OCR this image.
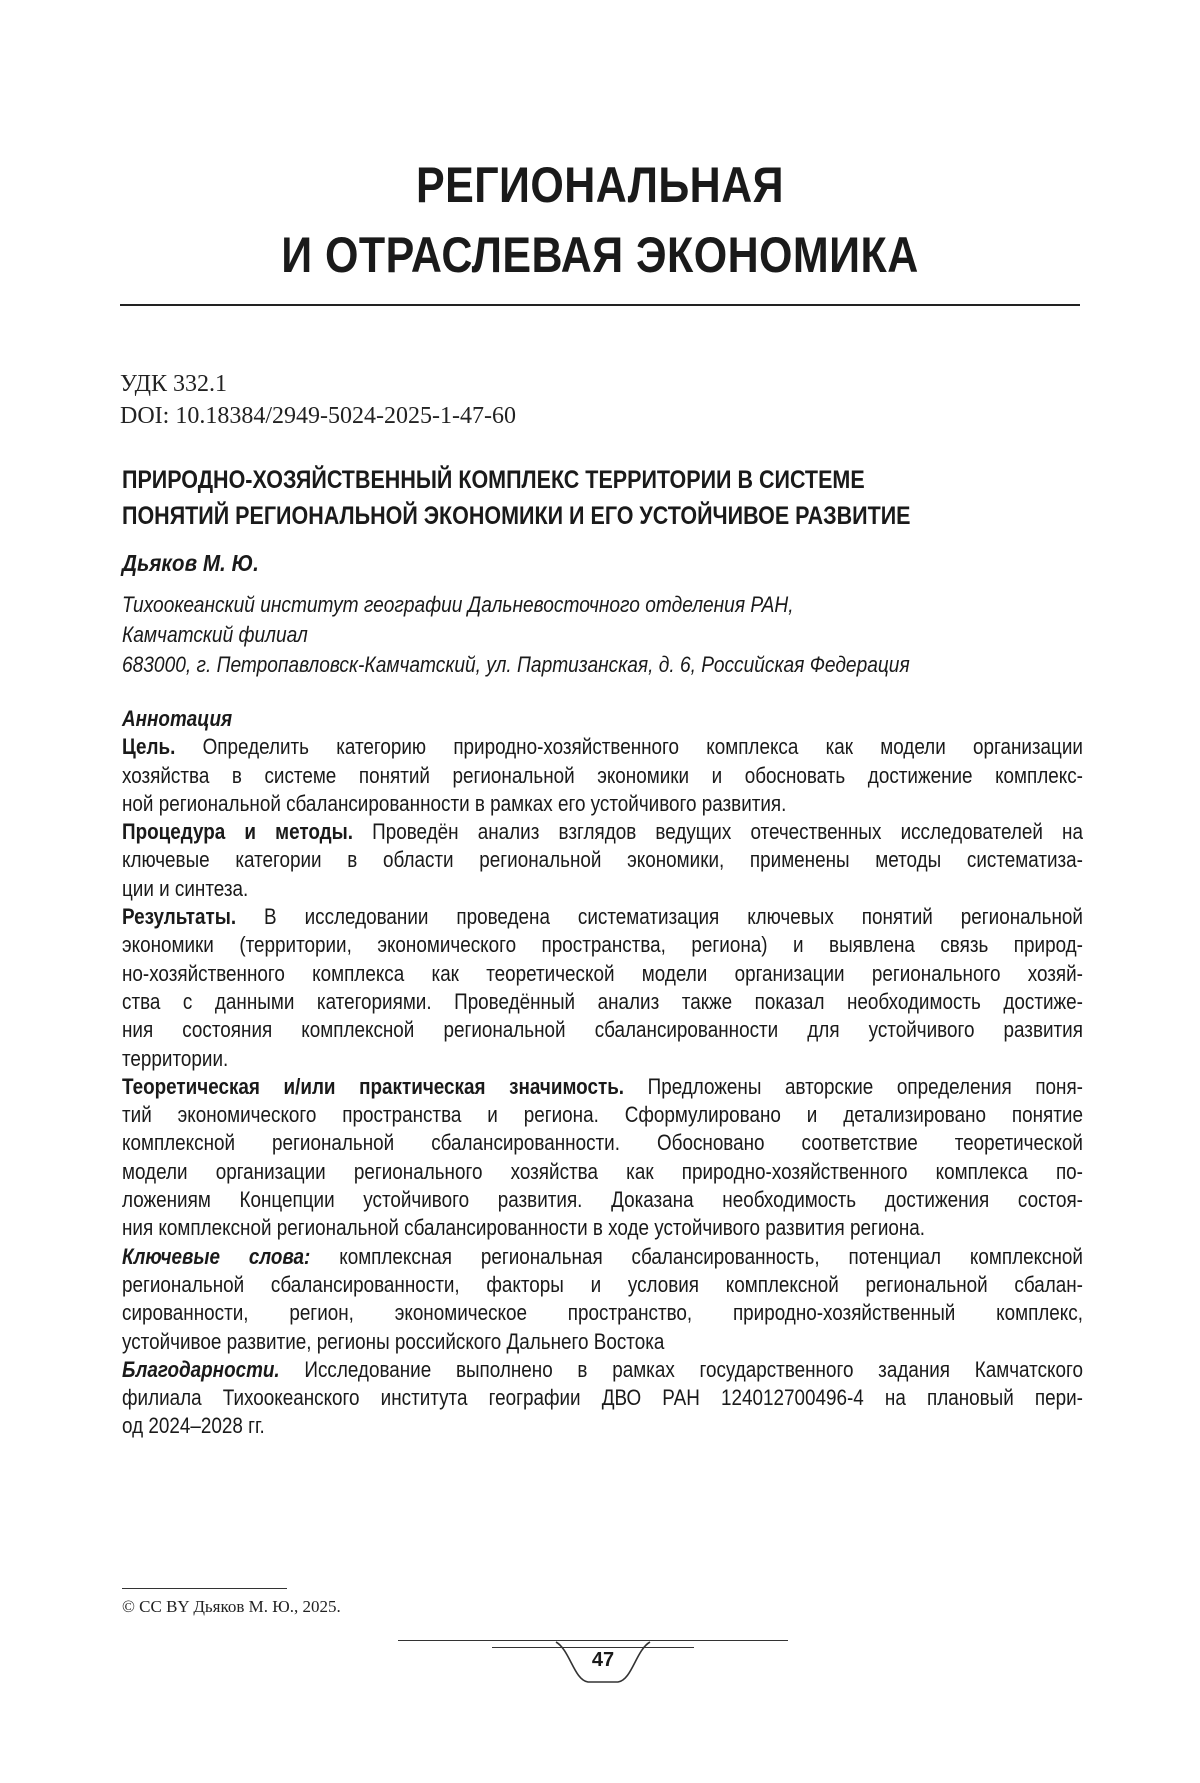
РЕГИОНАЛЬНАЯ
И ОТРАСЛЕВАЯ ЭКОНОМИКА
УДК 332.1
DOI: 10.18384/2949-5024-2025-1-47-60
ПРИРОДНО-ХОЗЯЙСТВЕННЫЙ КОМПЛЕКС ТЕРРИТОРИИ В СИСТЕМЕ
ПОНЯТИЙ РЕГИОНАЛЬНОЙ ЭКОНОМИКИ И ЕГО УСТОЙЧИВОЕ РАЗВИТИЕ
Дьяков М. Ю.
Тихоокеанский институт географии Дальневосточного отделения РАН,
Камчатский филиал
683000, г. Петропавловск-Камчатский, ул. Партизанская, д. 6, Российская Федерация
Аннотация
Цель. Определить категорию природно-хозяйственного комплекса как модели организации
хозяйства в системе понятий региональной экономики и обосновать достижение комплекс-
ной региональной сбалансированности в рамках его устойчивого развития.
Процедура и методы. Проведён анализ взглядов ведущих отечественных исследователей на
ключевые категории в области региональной экономики, применены методы систематиза-
ции и синтеза.
Результаты. В исследовании проведена систематизация ключевых понятий региональной
экономики (территории, экономического пространства, региона) и выявлена связь природ-
но-хозяйственного комплекса как теоретической модели организации регионального хозяй-
ства с данными категориями. Проведённый анализ также показал необходимость достиже-
ния состояния комплексной региональной сбалансированности для устойчивого развития
территории.
Теоретическая и/или практическая значимость. Предложены авторские определения поня-
тий экономического пространства и региона. Сформулировано и детализировано понятие
комплексной региональной сбалансированности. Обосновано соответствие теоретической
модели организации регионального хозяйства как природно-хозяйственного комплекса по-
ложениям Концепции устойчивого развития. Доказана необходимость достижения состоя-
ния комплексной региональной сбалансированности в ходе устойчивого развития региона.
Ключевые слова: комплексная региональная сбалансированность, потенциал комплексной
региональной сбалансированности, факторы и условия комплексной региональной сбалан-
сированности, регион, экономическое пространство, природно-хозяйственный комплекс,
устойчивое развитие, регионы российского Дальнего Востока
Благодарности. Исследование выполнено в рамках государственного задания Камчатского
филиала Тихоокеанского института географии ДВО РАН 124012700496-4 на плановый пери-
од 2024–2028 гг.
© CC BY Дьяков М. Ю., 2025.
47
